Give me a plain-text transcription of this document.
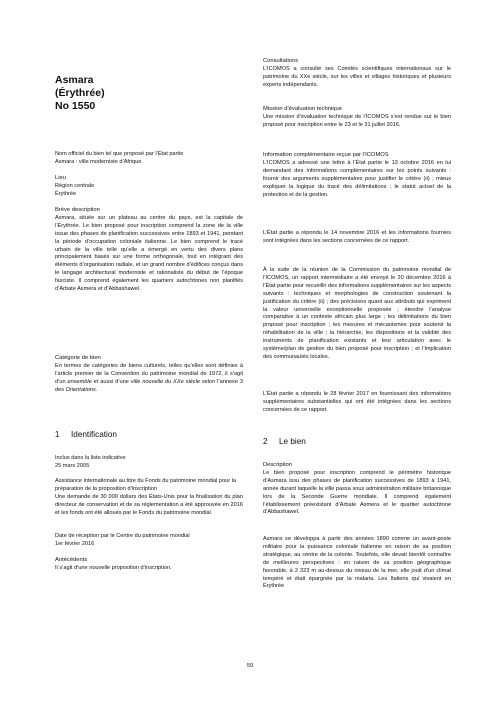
Asmara
(Érythrée)
No 1550

Nom officiel du bien tel que proposé par l’État partie

Asmara : ville moderniste d’Afrique

Lieu

Région centrale

Érythrée

Brève description

Asmara, située sur un plateau au centre du pays, est la capitale de l’Érythrée. Le bien proposé pour inscription comprend la zone de la ville issue des phases de planification successives entre 1893 et 1941, pendant la période d’occupation coloniale italienne. Le bien comprend le tracé urbain de la ville telle qu’elle a émergé en vertu des divers plans principalement basés sur une forme orthogonale, tout en intégrant des éléments d’organisation radiale, et un grand nombre d’édifices conçus dans le langage architectural moderniste et rationaliste du début de l’époque fasciste. Il comprend également les quartiers autochtones non planifiés d’Arbate Asmera et d’Abbashawel.

Catégorie de bien

En termes de catégories de biens culturels, telles qu’elles sont définies à l’article premier de la Convention du patrimoine mondial de 1972, il s’agit d’un ensemble et aussi d’une ville nouvelle du XXe siècle selon l’annexe 3 des Orientations.

1 Identification

Inclus dans la liste indicative

25 mars 2005

Assistance internationale au titre du Fonds du patrimoine mondial pour la préparation de la proposition d’inscription

Une demande de 30 000 dollars des États-Unis pour la finalisation du plan directeur de conservation et de sa réglementation a été approuvée en 2016 et les fonds ont été alloués par le Fonds du patrimoine mondial.

Date de réception par le Centre du patrimoine mondial

1er février 2016

Antécédents

Il s’agit d’une nouvelle proposition d’inscription.

Consultations

L’ICOMOS a consulté ses Comités scientifiques internationaux sur le patrimoine du XXe siècle, sur les villes et villages historiques et plusieurs experts indépendants.

Mission d’évaluation technique

Une mission d’évaluation technique de l’ICOMOS s’est rendue sur le bien proposé pour inscription entre le 23 et le 31 juillet 2016.

Information complémentaire reçue par l’ICOMOS

L’ICOMOS a adressé une lettre à l’État partie le 13 octobre 2016 en lui demandant des informations complémentaires sur les points suivants : fournir des arguments supplémentaires pour justifier le critère (ii) ; mieux expliquer la logique du tracé des délimitations ; le statut actuel de la protection et de la gestion.

L’État partie a répondu le 14 novembre 2016 et les informations fournies sont intégrées dans les sections concernées de ce rapport.

À la suite de la réunion de la Commission du patrimoine mondial de l’ICOMOS, un rapport intermédiaire a été envoyé le 20 décembre 2016 à l’État partie pour recueillir des informations supplémentaires sur les aspects suivants : techniques et morphologies de construction soutenant la justification du critère (ii) ; des précisions quant aux attributs qui expriment la valeur universelle exceptionnelle proposée ; étendre l’analyse comparative à un contexte africain plus large ; les délimitations du bien proposé pour inscription ; les mesures et mécanismes pour soutenir la réhabilitation de la ville ; la hiérarchie, les dispositions et la validité des instruments de planification existants et leur articulation avec le système/plan de gestion du bien proposé pour inscription ; et l’implication des communautés locales.

L’État partie a répondu le 28 février 2017 en fournissant des informations supplémentaires substantielles qui ont été intégrées dans les sections concernées de ce rapport.

2 Le bien

Description

Le bien proposé pour inscription comprend le périmètre historique d’Asmara issu des phases de planification successives de 1893 à 1941, année durant laquelle la ville passa sous administration militaire britannique lors de la Seconde Guerre mondiale. Il comprend également l’établissement préexistant d’Arbate Asmera et le quartier autochtone d’Abbashawel.

Asmara se développa à partir des années 1890 comme un avant-poste militaire pour la puissance coloniale italienne en raison de sa position stratégique, au centre de la colonie. Toutefois, elle devait bientôt connaître de meilleures perspectives : en raison de sa position géographique favorable, à 2 323 m au-dessus du niveau de la mer, elle jouit d’un climat tempéré et était épargnée par la malaria. Les Italiens qui vivaient en Érythrée

59
